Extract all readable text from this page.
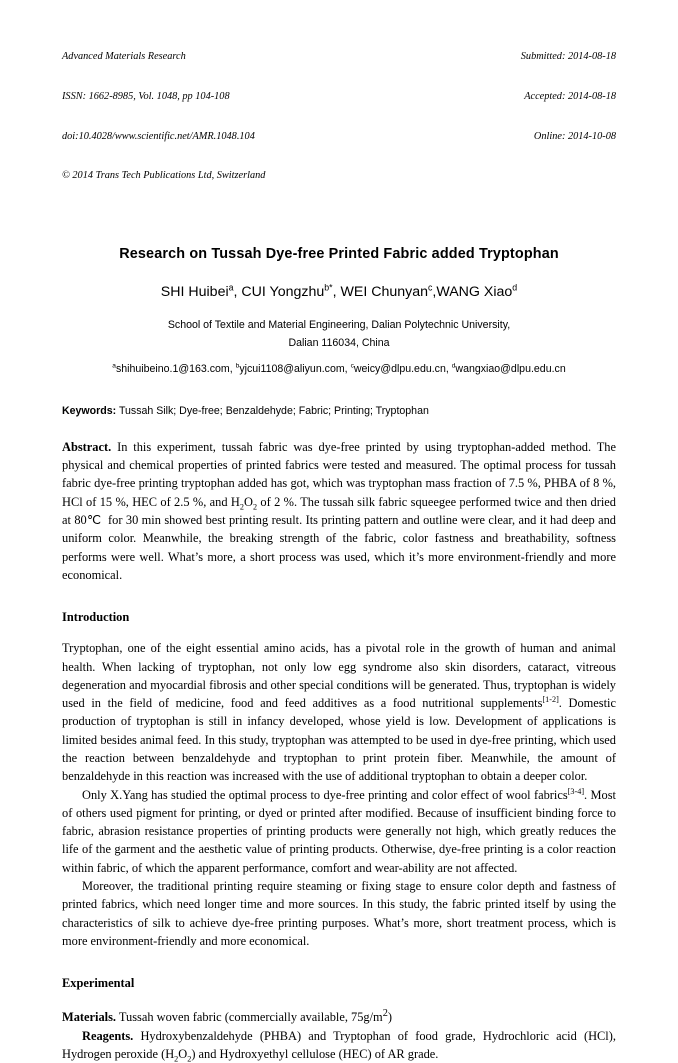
Advanced Materials Research

ISSN: 1662-8985, Vol. 1048, pp 104-108

doi:10.4028/www.scientific.net/AMR.1048.104

© 2014 Trans Tech Publications Ltd, Switzerland

Submitted: 2014-08-18

Accepted: 2014-08-18

Online: 2014-10-08

Research on Tussah Dye-free Printed Fabric added Tryptophan
SHI Huibei$^a$, CUI Yongzhu$^{b*}$, WEI Chunyan$^c$,WANG Xiao$^d$
School of Textile and Material Engineering, Dalian Polytechnic University,
Dalian 116034, China
$^a$shihuibeino.1@163.com, $^b$yjcui1108@aliyun.com, $^c$weicy@dlpu.edu.cn, $^d$wangxiao@dlpu.edu.cn
Keywords: Tussah Silk; Dye-free; Benzaldehyde; Fabric; Printing; Tryptophan
Abstract. In this experiment, tussah fabric was dye-free printed by using tryptophan-added method. The physical and chemical properties of printed fabrics were tested and measured. The optimal process for tussah fabric dye-free printing tryptophan added has got, which was tryptophan mass fraction of 7.5 %, PHBA of 8 %, HCl of 15 %, HEC of 2.5 %, and $H_2O_2$ of 2 %. The tussah silk fabric squeegee performed twice and then dried at 80℃  for 30 min showed best printing result. Its printing pattern and outline were clear, and it had deep and uniform color. Meanwhile, the breaking strength of the fabric, color fastness and breathability, softness performs were well. What’s more, a short process was used, which it’s more environment-friendly and more economical.
Introduction
Tryptophan, one of the eight essential amino acids, has a pivotal role in the growth of human and animal health. When lacking of tryptophan, not only low egg syndrome also skin disorders, cataract, vitreous degeneration and myocardial fibrosis and other special conditions will be generated. Thus, tryptophan is widely used in the field of medicine, food and feed additives as a food nutritional supplements[1-2]. Domestic production of tryptophan is still in infancy developed, whose yield is low. Development of applications is limited besides animal feed. In this study, tryptophan was attempted to be used in dye-free printing, which used the reaction between benzaldehyde and tryptophan to print protein fiber. Meanwhile, the amount of benzaldehyde in this reaction was increased with the use of additional tryptophan to obtain a deeper color.
Only X.Yang has studied the optimal process to dye-free printing and color effect of wool fabrics[3-4]. Most of others used pigment for printing, or dyed or printed after modified. Because of insufficient binding force to fabric, abrasion resistance properties of printing products were generally not high, which greatly reduces the life of the garment and the aesthetic value of printing products. Otherwise, dye-free printing is a color reaction within fabric, of which the apparent performance, comfort and wear-ability are not affected.
Moreover, the traditional printing require steaming or fixing stage to ensure color depth and fastness of printed fabrics, which need longer time and more sources. In this study, the fabric printed itself by using the characteristics of silk to achieve dye-free printing purposes. What’s more, short treatment process, which is more environment-friendly and more economical.
Experimental
Materials. Tussah woven fabric (commercially available, $75g/m^2$)
Reagents. Hydroxybenzaldehyde (PHBA) and Tryptophan of food grade, Hydrochloric acid (HCl), Hydrogen peroxide $(H_2O_2)$ and Hydroxyethyl cellulose (HEC) of AR grade.
